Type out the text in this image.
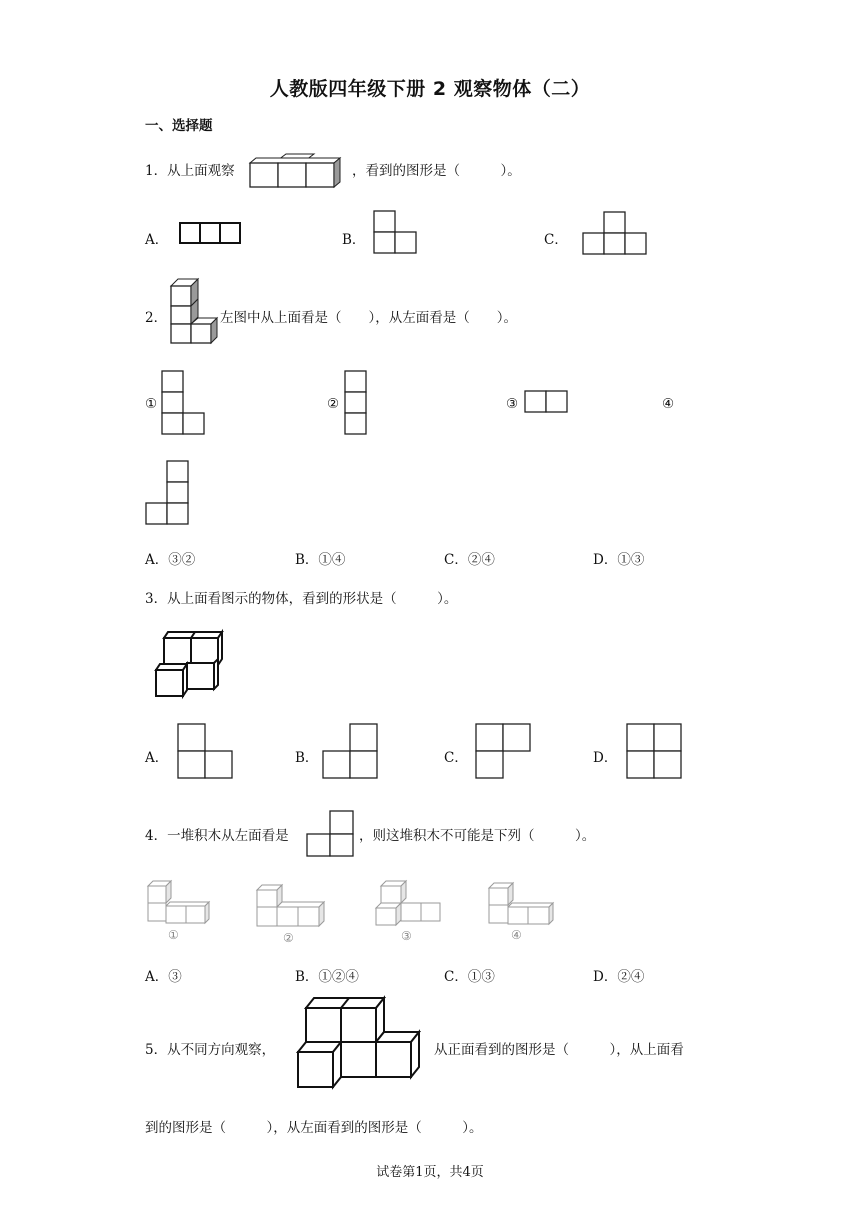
人教版四年级下册 2 观察物体（二）
一、选择题
1．从上面观察	，看到的图形是（　　　）。
A．	B．	C．
2．	左图中从上面看是（　　），从左面看是（　　）。
①	②	③	④
A．③②	B．①④	C．②④	D．①③
3．从上面看图示的物体，看到的形状是（　　　）。
A．	B．	C．	D．
4．一堆积木从左面看是	，则这堆积木不可能是下列（　　　）。
①	②	③	④
A．③	B．①②④	C．①③	D．②④
5．从不同方向观察，	从正面看到的图形是（　　　），从上面看
到的图形是（　　　），从左面看到的图形是（　　　）。
试卷第1页，共4页
